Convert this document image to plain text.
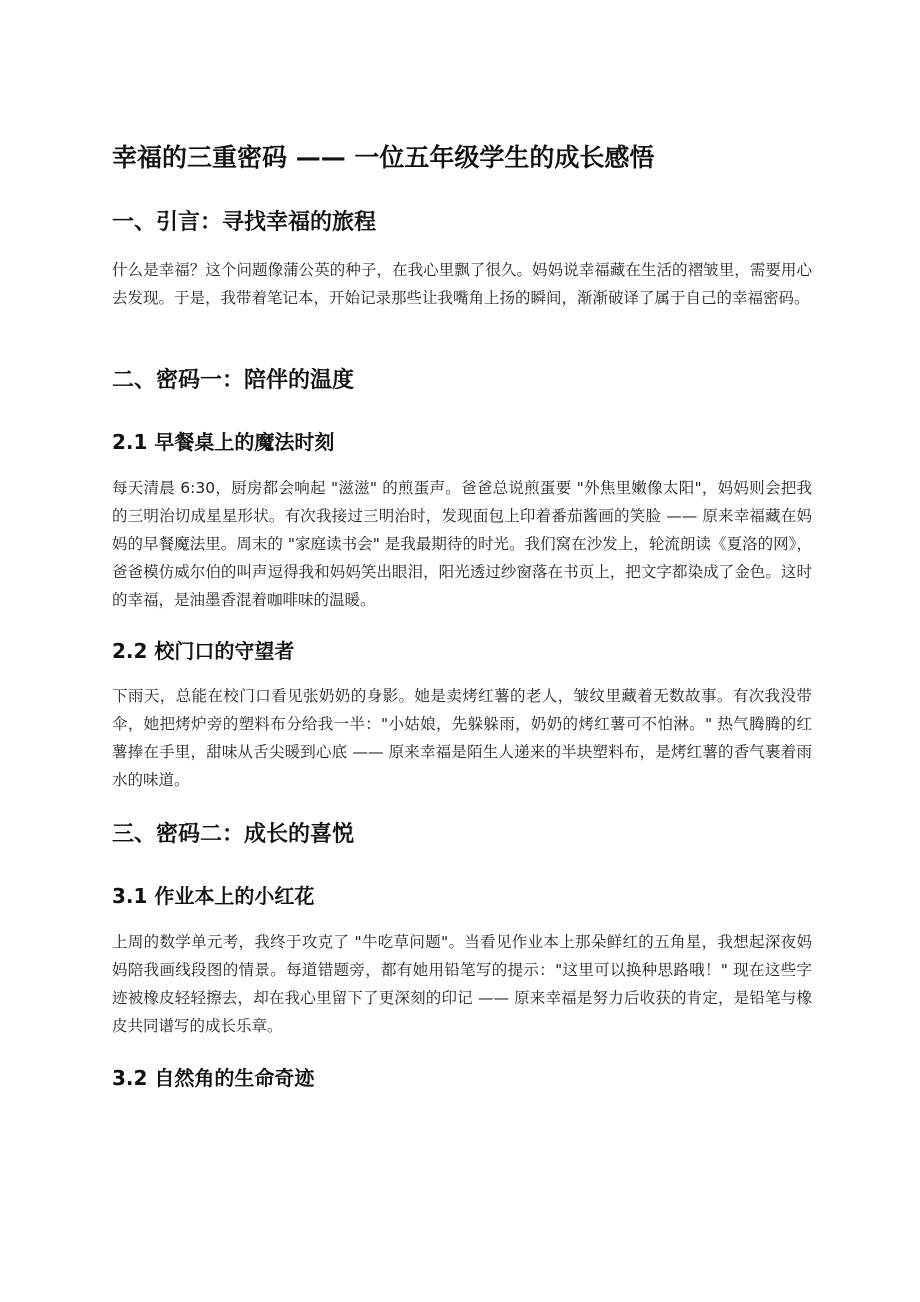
幸福的三重密码 —— 一位五年级学生的成长感悟
一、引言：寻找幸福的旅程

什么是幸福？这个问题像蒲公英的种子，在我心里飘了很久。妈妈说幸福藏在生活的褶皱里，需要用心去发现。于是，我带着笔记本，开始记录那些让我嘴角上扬的瞬间，渐渐破译了属于自己的幸福密码。

二、密码一：陪伴的温度
2.1 早餐桌上的魔法时刻

每天清晨 6:30，厨房都会响起 "滋滋" 的煎蛋声。爸爸总说煎蛋要 "外焦里嫩像太阳"，妈妈则会把我的三明治切成星星形状。有次我接过三明治时，发现面包上印着番茄酱画的笑脸 —— 原来幸福藏在妈妈的早餐魔法里。周末的 "家庭读书会" 是我最期待的时光。我们窝在沙发上，轮流朗读《夏洛的网》，爸爸模仿威尔伯的叫声逗得我和妈妈笑出眼泪，阳光透过纱窗落在书页上，把文字都染成了金色。这时的幸福，是油墨香混着咖啡味的温暖。

2.2 校门口的守望者

下雨天，总能在校门口看见张奶奶的身影。她是卖烤红薯的老人，皱纹里藏着无数故事。有次我没带伞，她把烤炉旁的塑料布分给我一半："小姑娘，先躲躲雨，奶奶的烤红薯可不怕淋。" 热气腾腾的红薯捧在手里，甜味从舌尖暖到心底 —— 原来幸福是陌生人递来的半块塑料布，是烤红薯的香气裹着雨水的味道。

三、密码二：成长的喜悦
3.1 作业本上的小红花

上周的数学单元考，我终于攻克了 "牛吃草问题"。当看见作业本上那朵鲜红的五角星，我想起深夜妈妈陪我画线段图的情景。每道错题旁，都有她用铅笔写的提示："这里可以换种思路哦！" 现在这些字迹被橡皮轻轻擦去，却在我心里留下了更深刻的印记 —— 原来幸福是努力后收获的肯定，是铅笔与橡皮共同谱写的成长乐章。

3.2 自然角的生命奇迹
